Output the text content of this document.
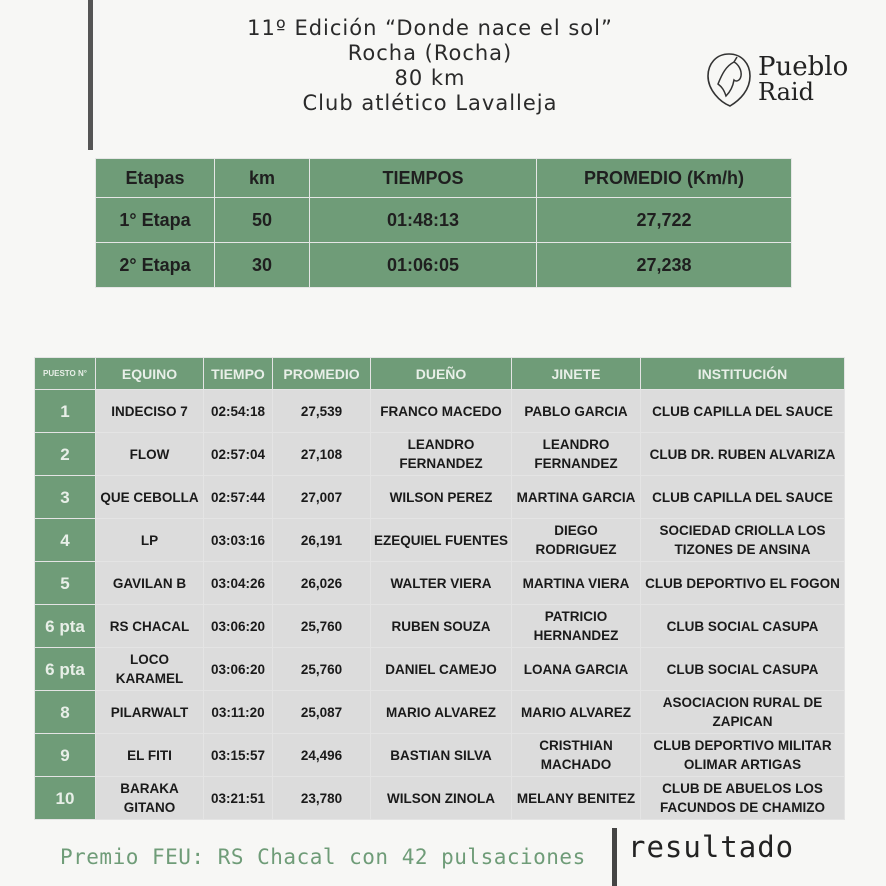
11º Edición “Donde nace el sol”
Rocha (Rocha)
80 km
Club atlético Lavalleja
Pueblo
Raid
Etapas	km	TIEMPOS	PROMEDIO (Km/h)
1° Etapa	50	01:48:13	27,722
2° Etapa	30	01:06:05	27,238
PUESTO N°	EQUINO	TIEMPO	PROMEDIO	DUEÑO	JINETE	INSTITUCIÓN
1	INDECISO 7	02:54:18	27,539	FRANCO MACEDO	PABLO GARCIA	CLUB CAPILLA DEL SAUCE
2	FLOW	02:57:04	27,108	LEANDRO FERNANDEZ	LEANDRO FERNANDEZ	CLUB DR. RUBEN ALVARIZA
3	QUE CEBOLLA	02:57:44	27,007	WILSON PEREZ	MARTINA GARCIA	CLUB CAPILLA DEL SAUCE
4	LP	03:03:16	26,191	EZEQUIEL FUENTES	DIEGO RODRIGUEZ	SOCIEDAD CRIOLLA LOS TIZONES DE ANSINA
5	GAVILAN B	03:04:26	26,026	WALTER VIERA	MARTINA VIERA	CLUB DEPORTIVO EL FOGON
6 pta	RS CHACAL	03:06:20	25,760	RUBEN SOUZA	PATRICIO HERNANDEZ	CLUB SOCIAL CASUPA
6 pta	LOCO KARAMEL	03:06:20	25,760	DANIEL CAMEJO	LOANA GARCIA	CLUB SOCIAL CASUPA
8	PILARWALT	03:11:20	25,087	MARIO ALVAREZ	MARIO ALVAREZ	ASOCIACION RURAL DE ZAPICAN
9	EL FITI	03:15:57	24,496	BASTIAN SILVA	CRISTHIAN MACHADO	CLUB DEPORTIVO MILITAR OLIMAR ARTIGAS
10	BARAKA GITANO	03:21:51	23,780	WILSON ZINOLA	MELANY BENITEZ	CLUB DE ABUELOS LOS FACUNDOS DE CHAMIZO
Premio FEU: RS Chacal con 42 pulsaciones resultado
